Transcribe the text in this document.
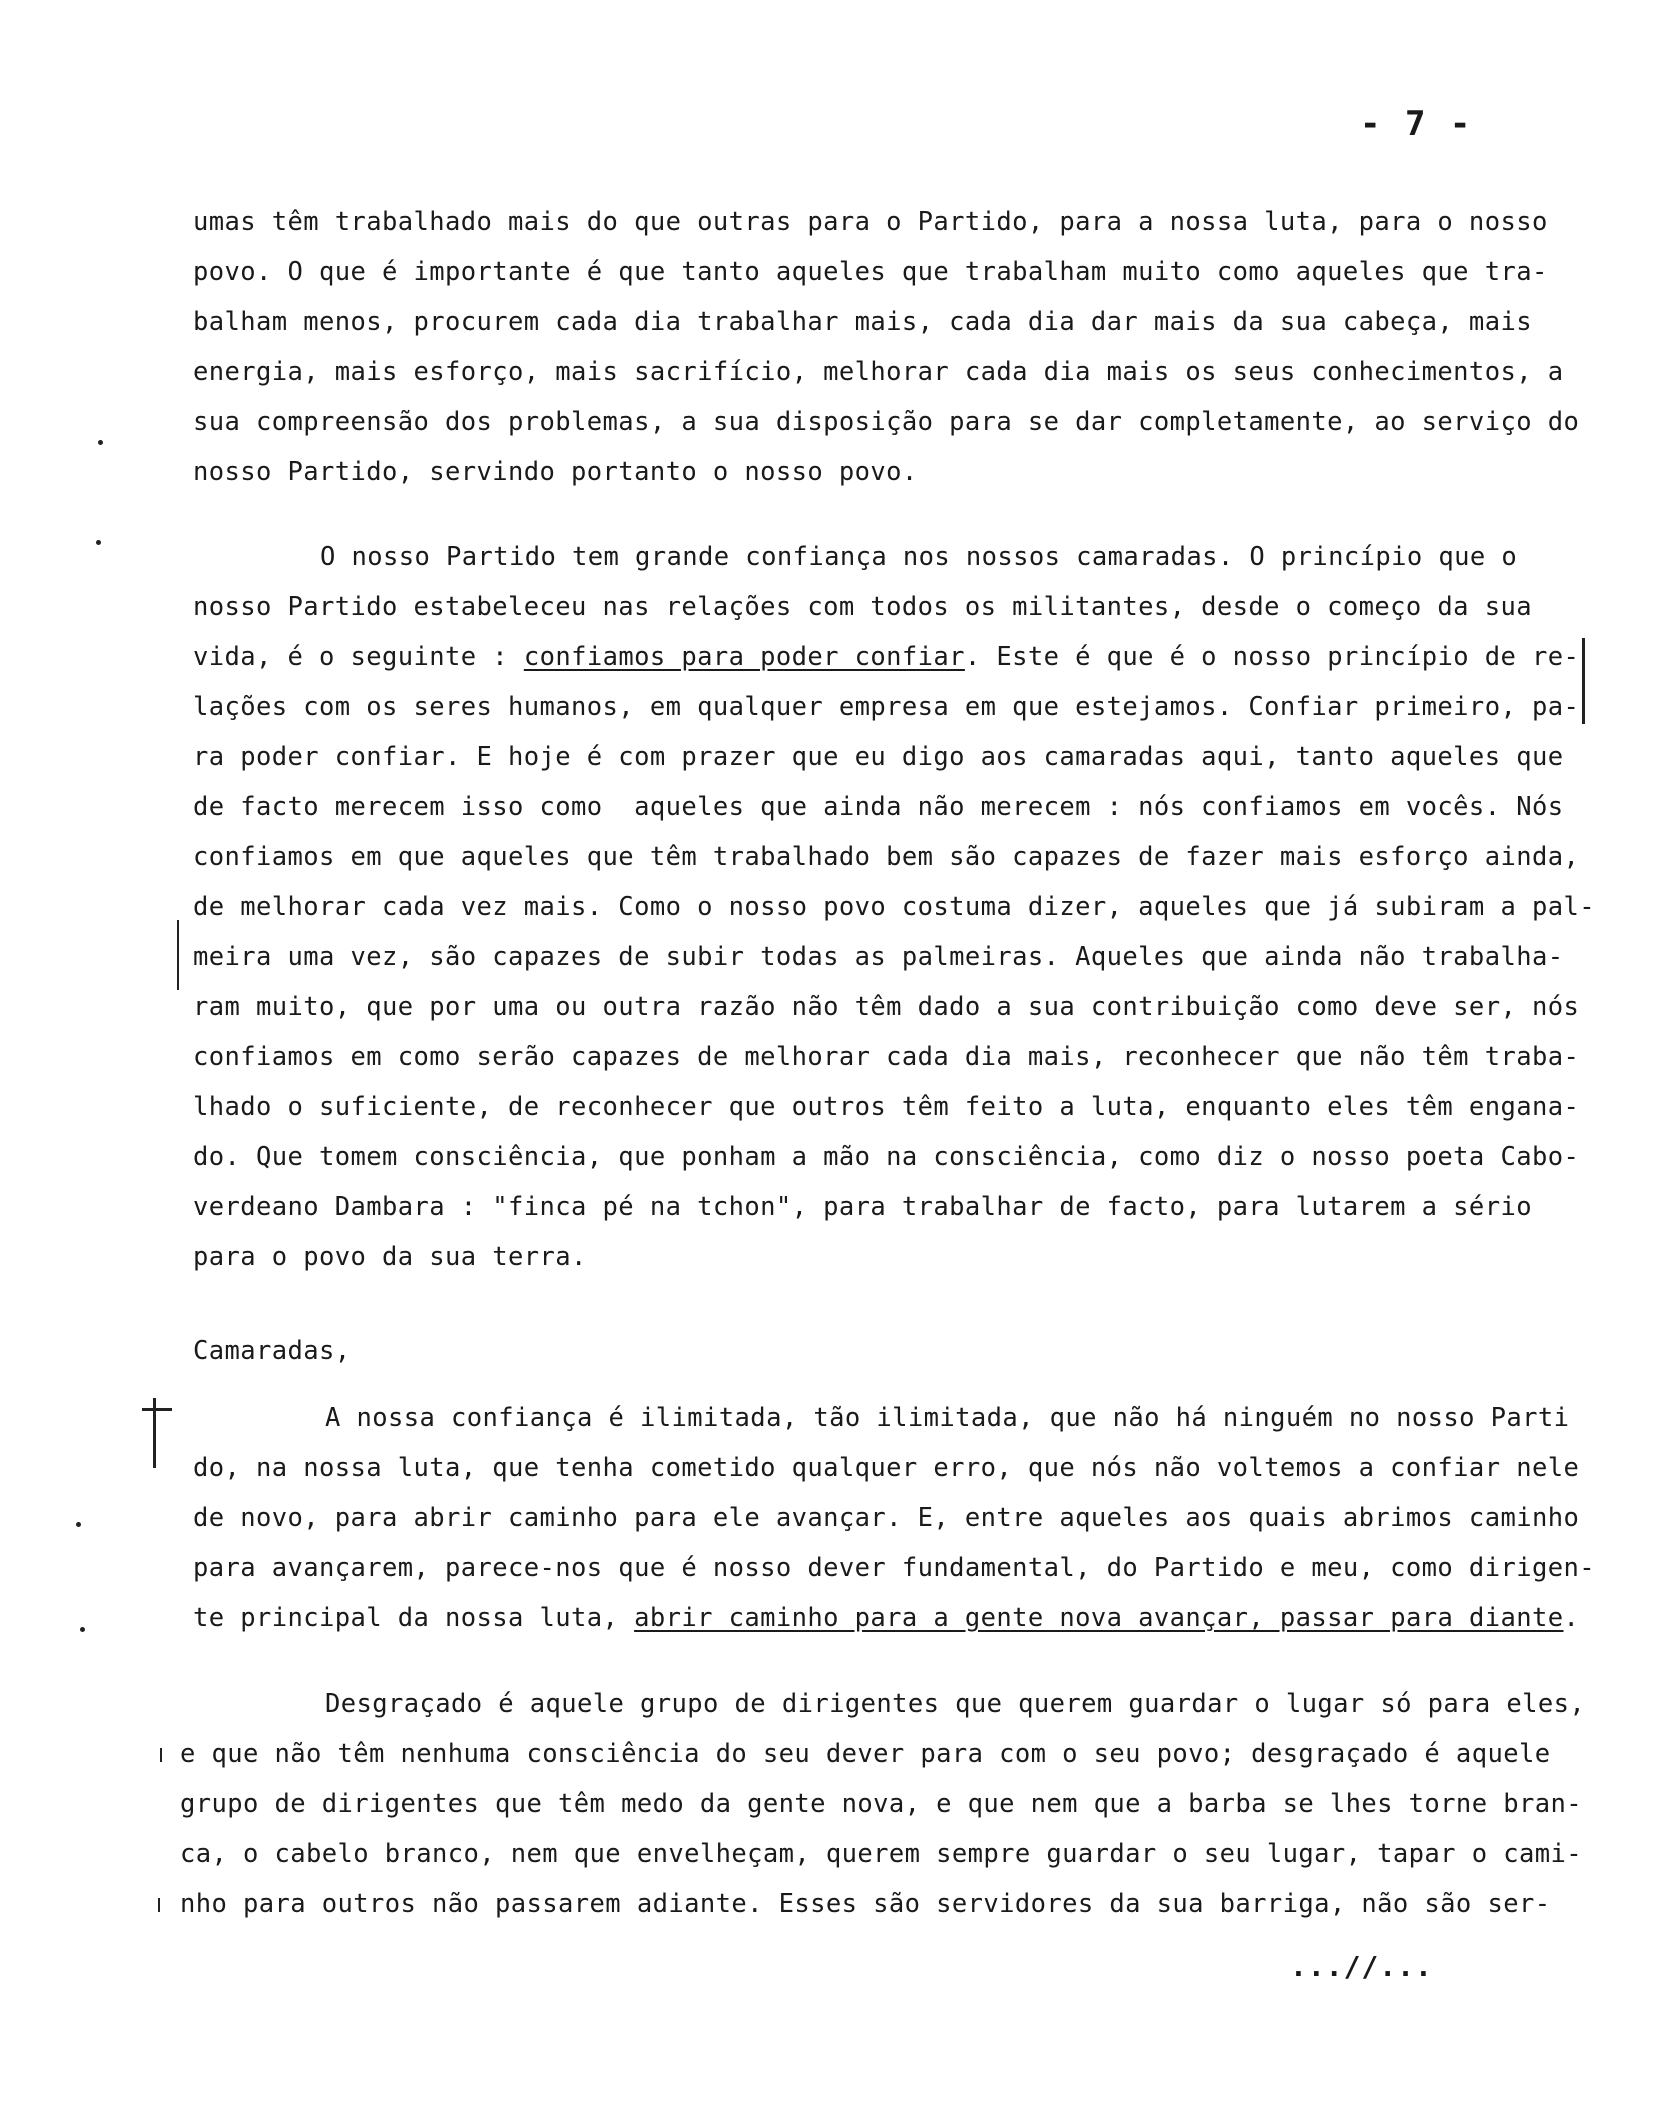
- 7 -
umas têm trabalhado mais do que outras para o Partido, para a nossa luta, para o nosso
povo. O que é importante é que tanto aqueles que trabalham muito como aqueles que tra-
balham menos, procurem cada dia trabalhar mais, cada dia dar mais da sua cabeça, mais
energia, mais esforço, mais sacrifício, melhorar cada dia mais os seus conhecimentos, a
sua compreensão dos problemas, a sua disposição para se dar completamente, ao serviço do
nosso Partido, servindo portanto o nosso povo.
O nosso Partido tem grande confiança nos nossos camaradas. O princípio que o
nosso Partido estabeleceu nas relações com todos os militantes, desde o começo da sua
vida, é o seguinte : confiamos para poder confiar. Este é que é o nosso princípio de re-
lações com os seres humanos, em qualquer empresa em que estejamos. Confiar primeiro, pa-
ra poder confiar. E hoje é com prazer que eu digo aos camaradas aqui, tanto aqueles que
de facto merecem isso como  aqueles que ainda não merecem : nós confiamos em vocês. Nós
confiamos em que aqueles que têm trabalhado bem são capazes de fazer mais esforço ainda,
de melhorar cada vez mais. Como o nosso povo costuma dizer, aqueles que já subiram a pal-
meira uma vez, são capazes de subir todas as palmeiras. Aqueles que ainda não trabalha-
ram muito, que por uma ou outra razão não têm dado a sua contribuição como deve ser, nós
confiamos em como serão capazes de melhorar cada dia mais, reconhecer que não têm traba-
lhado o suficiente, de reconhecer que outros têm feito a luta, enquanto eles têm engana-
do. Que tomem consciência, que ponham a mão na consciência, como diz o nosso poeta Cabo-
verdeano Dambara : "finca pé na tchon", para trabalhar de facto, para lutarem a sério
para o povo da sua terra.
Camaradas,
A nossa confiança é ilimitada, tão ilimitada, que não há ninguém no nosso Parti
do, na nossa luta, que tenha cometido qualquer erro, que nós não voltemos a confiar nele
de novo, para abrir caminho para ele avançar. E, entre aqueles aos quais abrimos caminho
para avançarem, parece-nos que é nosso dever fundamental, do Partido e meu, como dirigen-
te principal da nossa luta, abrir caminho para a gente nova avançar, passar para diante.
Desgraçado é aquele grupo de dirigentes que querem guardar o lugar só para eles,
e que não têm nenhuma consciência do seu dever para com o seu povo; desgraçado é aquele
grupo de dirigentes que têm medo da gente nova, e que nem que a barba se lhes torne bran-
ca, o cabelo branco, nem que envelheçam, querem sempre guardar o seu lugar, tapar o cami-
nho para outros não passarem adiante. Esses são servidores da sua barriga, não são ser-
...//...
